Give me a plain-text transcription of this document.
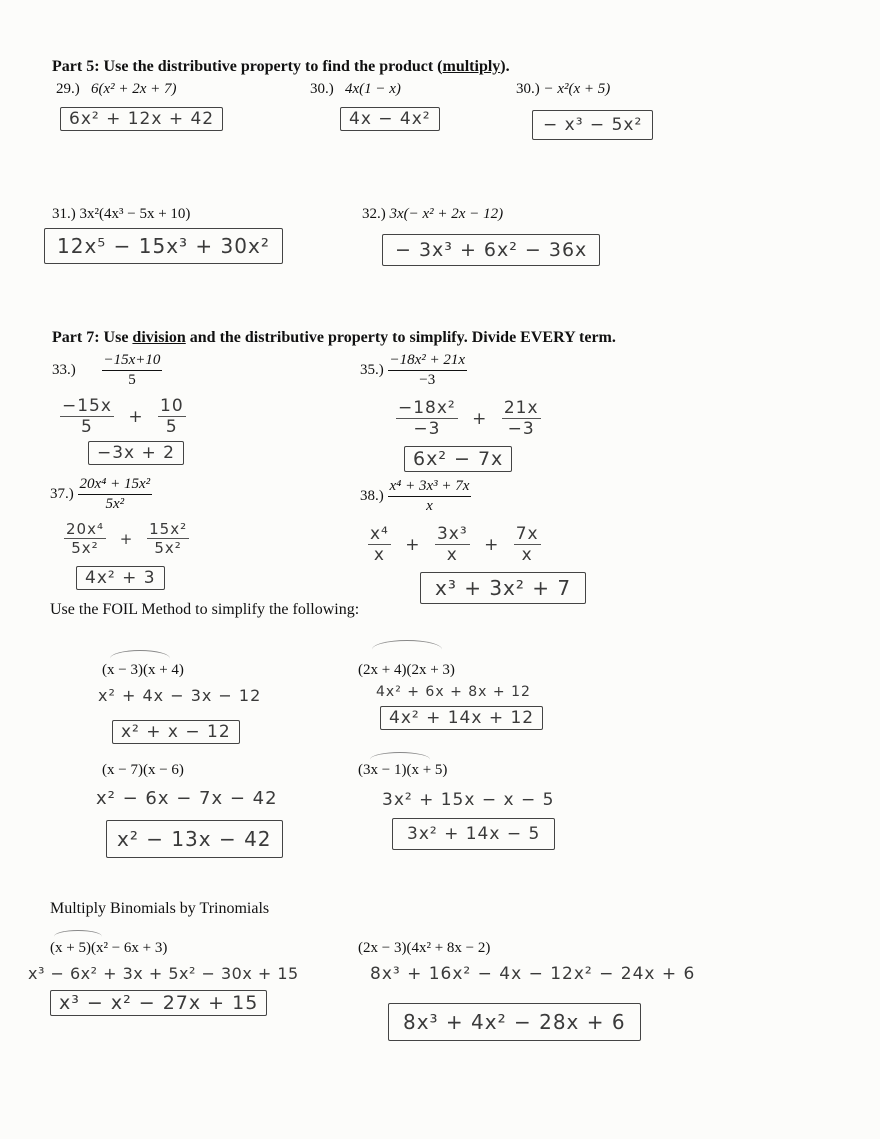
Part 5: Use the distributive property to find the product (multiply).
29.) 6(x² + 2x + 7)
6x² + 12x + 42
30.) 4x(1 − x)
4x − 4x²
30.) − x²(x + 5)
− x³ − 5x²
31.) 3x²(4x³ − 5x + 10)
12x⁵ − 15x³ + 30x²
32.) 3x(− x² + 2x − 12)
− 3x³ + 6x² − 36x
Part 7: Use division and the distributive property to simplify. Divide EVERY term.
$33.) \frac{-15x+10}{5}$
$\frac{-15x}{5} + \frac{10}{5}$
−3x + 2
$35.) \frac{\text{−18x² + 21x}}{-3}$
$\frac{\text{−18x²}}{-3} + \frac{21x}{-3}$
6x² − 7x
$37.) \frac{\text{20x⁴ + 15x²}}{\text{5x²}}$
$\frac{\text{20x⁴}}{\text{5x²}} + \frac{\text{15x²}}{\text{5x²}}$
4x² + 3
$38.) \frac{\text{x⁴ + 3x³ + 7x}}{x}$
$\frac{\text{x⁴}}{x} + \frac{\text{3x³}}{x} + \frac{7x}{x}$
x³ + 3x² + 7
Use the FOIL Method to simplify the following:
(x − 3)(x + 4)
x² + 4x − 3x − 12
x² + x − 12
(2x + 4)(2x + 3)
4x² + 6x + 8x + 12
4x² + 14x + 12
(x − 7)(x − 6)
x² − 6x − 7x − 42
x² − 13x − 42
(3x − 1)(x + 5)
3x² + 15x − x − 5
3x² + 14x − 5
Multiply Binomials by Trinomials
(x + 5)(x² − 6x + 3)
x³ − 6x² + 3x + 5x² − 30x + 15
x³ − x² − 27x + 15
(2x − 3)(4x² + 8x − 2)
8x³ + 16x² − 4x − 12x² − 24x + 6
8x³ + 4x² − 28x + 6
